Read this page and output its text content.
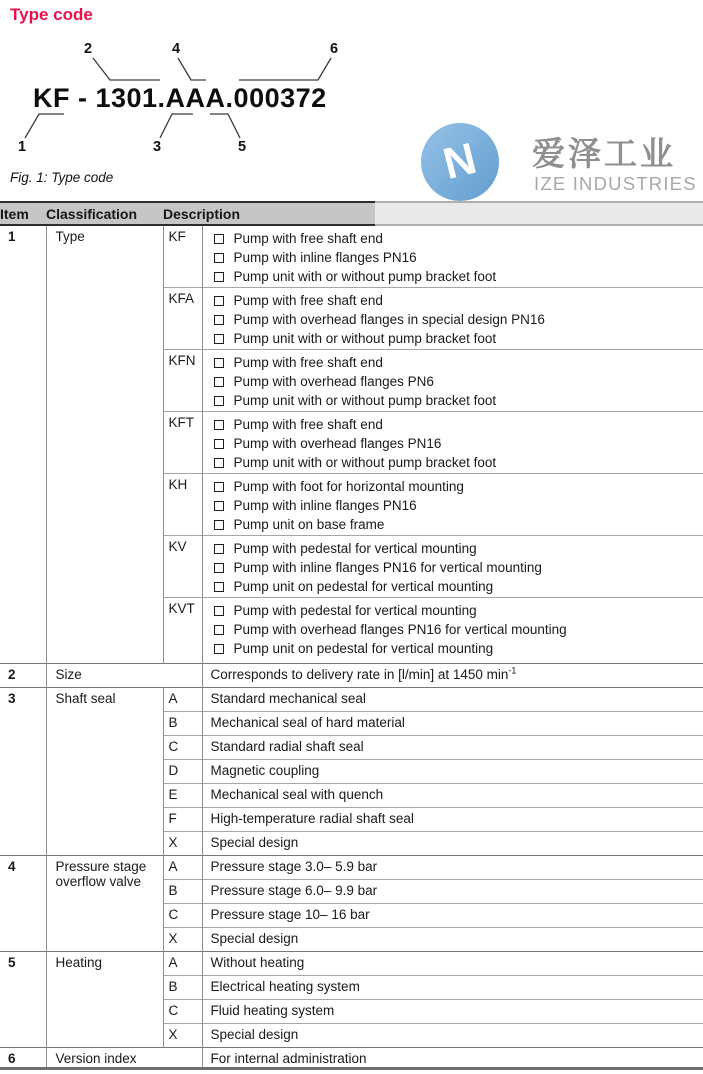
Type code
KF - 1301.AAA.000372
2	4	6
1	3	5
Fig. 1: Type code	N 爱泽工业
IZE INDUSTRIES
Item	Classification	Description	
1	Type	KF	Pump with free shaft end
Pump with inline flanges PN16
Pump unit with or without pump bracket foot

		KFA	Pump with free shaft end
Pump with overhead flanges in special design PN16
Pump unit with or without pump bracket foot

		KFN	Pump with free shaft end
Pump with overhead flanges PN6
Pump unit with or without pump bracket foot

		KFT	Pump with free shaft end
Pump with overhead flanges PN16
Pump unit with or without pump bracket foot

		KH	Pump with foot for horizontal mounting
Pump with inline flanges PN16
Pump unit on base frame

		KV	Pump with pedestal for vertical mounting
Pump with inline flanges PN16 for vertical mounting
Pump unit on pedestal for vertical mounting

		KVT	Pump with pedestal for vertical mounting
Pump with overhead flanges PN16 for vertical mounting
Pump unit on pedestal for vertical mounting

2	Size		Corresponds to delivery rate in [l/min] at 1450 $\min^{-1}$
3	Shaft seal	A	Standard mechanical seal
		B	Mechanical seal of hard material
		C	Standard radial shaft seal
		D	Magnetic coupling
		E	Mechanical seal with quench
		F	High-temperature radial shaft seal
		X	Special design
4	Pressure stage overflow valve	A	Pressure stage 3.0– 5.9 bar
		B	Pressure stage 6.0– 9.9 bar
		C	Pressure stage 10– 16 bar
		X	Special design
5	Heating	A	Without heating
		B	Electrical heating system
		C	Fluid heating system
		X	Special design
6	Version index		For internal administration
